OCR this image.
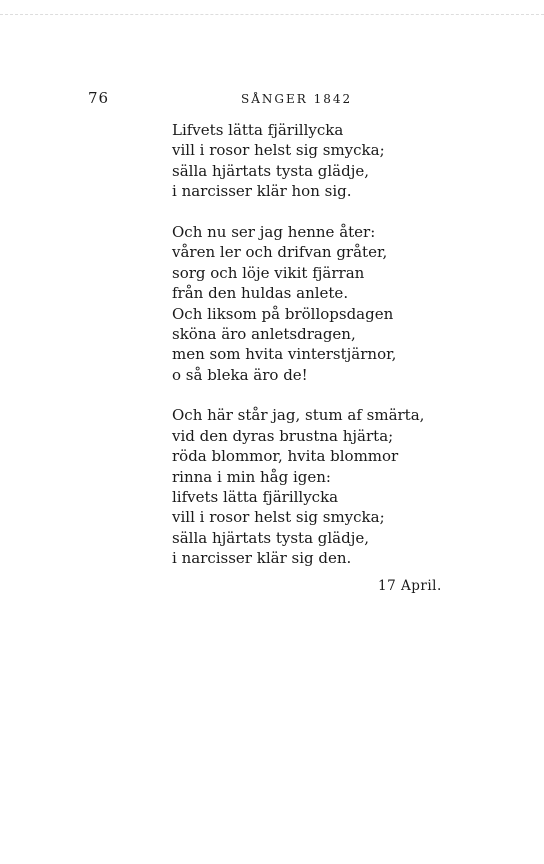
76	SÅNGER 1842
Lifvets lätta fjärillycka
vill i rosor helst sig smycka;
sälla hjärtats tysta glädje,
i narcisser klär hon sig.
Och nu ser jag henne åter:
våren ler och drifvan gråter,
sorg och löje vikit fjärran
från den huldas anlete.
Och liksom på bröllopsdagen
sköna äro anletsdragen,
men som hvita vinterstjärnor,
o så bleka äro de!
Och här står jag, stum af smärta,
vid den dyras brustna hjärta;
röda blommor, hvita blommor
rinna i min håg igen:
lifvets lätta fjärillycka
vill i rosor helst sig smycka;
sälla hjärtats tysta glädje,
i narcisser klär sig den.
17 April.
